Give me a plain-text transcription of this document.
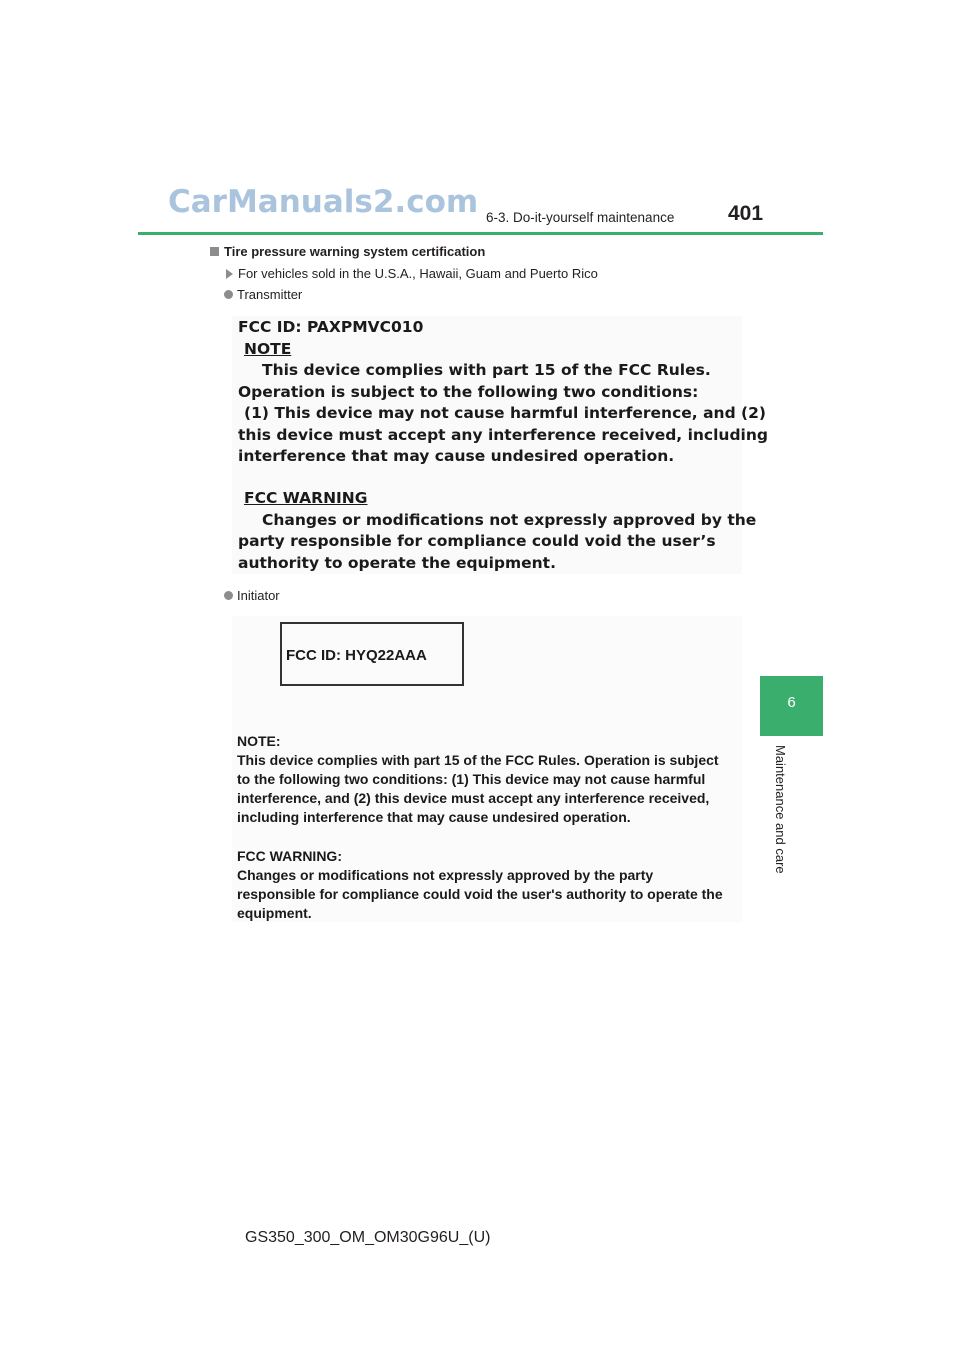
CarManuals2.com 6-3. Do-it-yourself maintenance	401
6
Maintenance and care
Tire pressure warning system certification
For vehicles sold in the U.S.A., Hawaii, Guam and Puerto Rico
Transmitter
FCC ID: PAXPMVC010
NOTE
This device complies with part 15 of the FCC Rules.
Operation is subject to the following two conditions:
(1) This device may not cause harmful interference, and (2)
this device must accept any interference received, including
interference that may cause undesired operation.
FCC WARNING
Changes or modifications not expressly approved by the
party responsible for compliance could void the user’s
authority to operate the equipment.
Initiator
FCC ID: HYQ22AAA
NOTE:
This device complies with part 15 of the FCC Rules. Operation is subject
to the following two conditions: (1) This device may not cause harmful
interference, and (2) this device must accept any interference received,
including interference that may cause undesired operation.
FCC WARNING:
Changes or modifications not expressly approved by the party
responsible for compliance could void the user's authority to operate the
equipment.
GS350_300_OM_OM30G96U_(U)
